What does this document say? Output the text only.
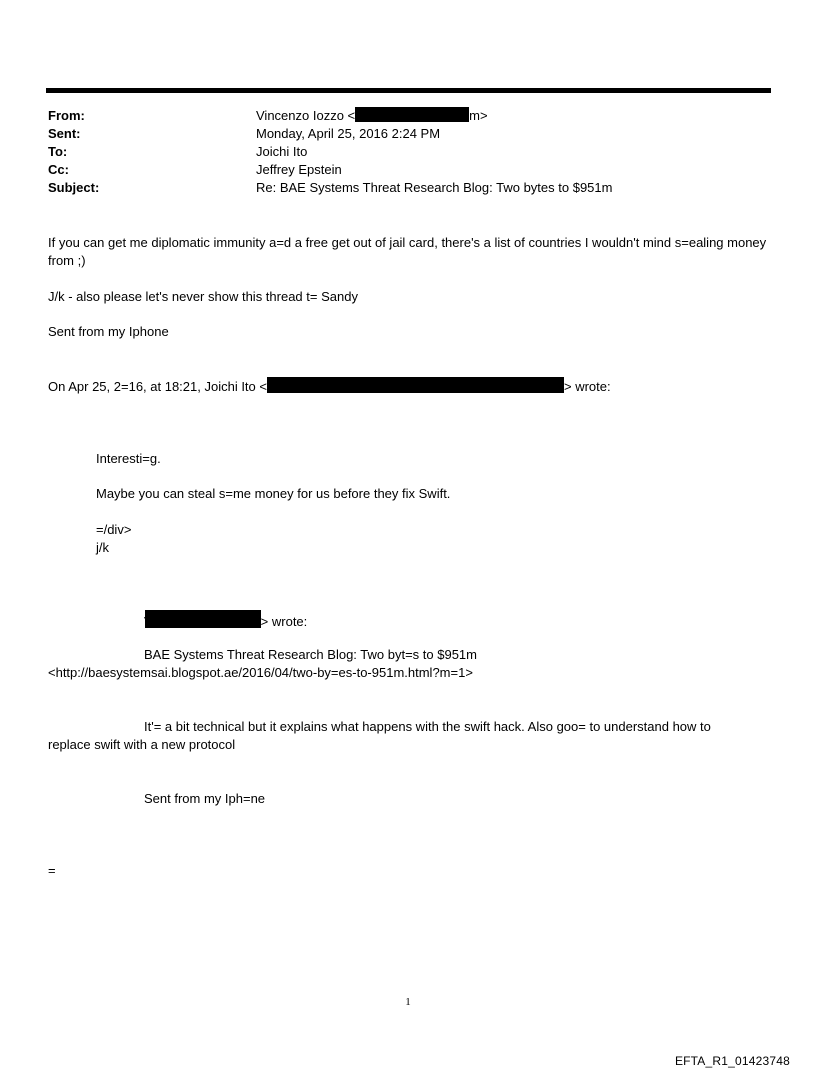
From:	Vincenzo Iozzo <	m>
Sent:	Monday, April 25, 2016 2:24 PM
To:	Joichi Ito
Cc:	Jeffrey Epstein
Subject:	Re: BAE Systems Threat Research Blog: Two bytes to $951m
If you can get me diplomatic immunity a=d a free get out of jail card, there's a list of countries I wouldn't mind s=ealing money from ;)
J/k - also please let's never show this thread t= Sandy
Sent from my Iphone
On Apr 25, 2=16, at 18:21, Joichi Ito <	> wrote:
Interesti=g.
Maybe you can steal s=me money for us before they fix Swift.
=/div>
j/k
> wrote:
BAE Systems Threat Research Blog: Two byt=s to $951m
<http://baesystemsai.blogspot.ae/2016/04/two-by=es-to-951m.html?m=1>
It'= a bit technical but it explains what happens with the swift hack. Also goo= to understand how to
replace swift with a new protocol
Sent from my Iph=ne
=
1
EFTA_R1_01423748
